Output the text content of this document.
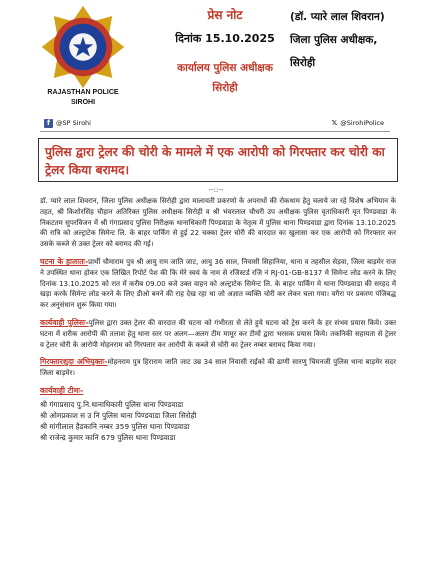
RAJASTHAN POLICE
SIROHI
प्रेस नोट
दिनांक 15.10.2025
कार्यालय पुलिस अधीक्षक
सिरोही
(डॉ. प्यारे लाल शिवरान)
जिला पुलिस अधीक्षक,
सिरोही
f @SP Sirohi	𝕏 @SirohiPolice
पुलिस द्वारा ट्रेलर की चोरी के मामले में एक आरोपी को गिरफ्तार कर चोरी का ट्रेलर किया बरामद।
--::--

डॉ. प्यारे लाल शिवरान, जिला पुलिस अधीक्षक सिरोही द्वारा मालायती प्रकरणो के अपराधों की रोकथाम हेतु चलाये जा रहे विशेष अभियान के तहत, श्री किशोरसिंह चौहान अतिरिक्त पुलिस अधीक्षक सिरोही व श्री भंवरलाल चौधरी उप अधीक्षक पुलिस वृताधिकारी वृत पिण्डवाडा के निकटतम सुपरविजन में श्री गंगाप्रसाद पुलिस निरीक्षक थानाधिकारी पिण्डवाडा के नेतृत्व में पुलिस थाना पिण्डवाडा द्वारा दिनांक 13.10.2025 की रात्रि को अल्ट्राटेक सिमेन्ट लि. के बाहर पार्किंग से हुई 22 चक्का ट्रेलर चोरी की वारदात का खुलासा कर एक आरोपी को गिरफ्तार कर उसके कब्जे से उक्त ट्रेलर को बरामद की गई।

घटना के हालातः-प्रार्थी चौमाराम पुत्र श्री आयु राम जाति जाट, आयु 36 साल, निवासी सिहानिया, थाना व तहसील सेड़वा, जिला बाड़मेर राज ने उपस्थित थाना होकर एक लिखित रिपोर्ट पेश की कि मेरे स्वयं के नाम से रजिस्टर्ड रजि नं RJ-01-GB-8137 मे सिमेन्ट लोड करने के लिए दिनांक 13.10.2025 को रात में करीब 09.00 बजे उक्त वाहन को अल्ट्राटेक सिमेन्ट लि. के बाहर पार्किंग मे थाना पिण्डवाडा की सरहद में खड़ा करके सिमेन्ट लोड करने के लिए डीओ बनने की राह देख रहा था जो अज्ञात व्यक्ति चोरी कर लेकर चला गया। वगैरा पर प्रकरण पंजिबद्ध कर अनुसंधान शुरू किया गया।

कार्यवाही पुलिसः-पुलिस द्वारा उक्त ट्रेलर की वारदात की घटना को गंभीरता से लेते हुये घटना को ट्रेस करने के हर संभव प्रयास किये। उक्त घटना में शरीक आरोपी की तलाश हेतु थाना स्तर पर अलग—अलग टीम मामूर कर टीमों द्वारा भरसक प्रयास किये। तकनिकी सहायता से ट्रेलर व ट्रेलर चोरी के आरोपी मोहनराम को गिरफ्तार कर आरोपी के कब्जे से चोरी का ट्रेलर नम्बर बरामद किया गया।

गिरफ्तारशुदा अभियुक्तः-मोहनराम पुत्र हिराराम जाति जाट उम्र 34 साल निवासी राईको की ढाणी सारणु चिमनजी पुलिस थाना बाड़मेर सदर जिला बाड़मेर।

कार्यवाही टीमः-
श्री गंगाप्रसाद पु.नि.थानाधिकारी पुलिस थाना पिण्डवाडा
श्री ओमप्रकाश स उ नि पुलिस थाना पिण्डवाडा जिला सिरोही
श्री मांगीलाल हैडकानि नम्बर 359 पुलिस थाना पिण्डवाडा
श्री राजेन्द्र कुमार कानि 679 पुलिस थाना पिण्डवाडा
